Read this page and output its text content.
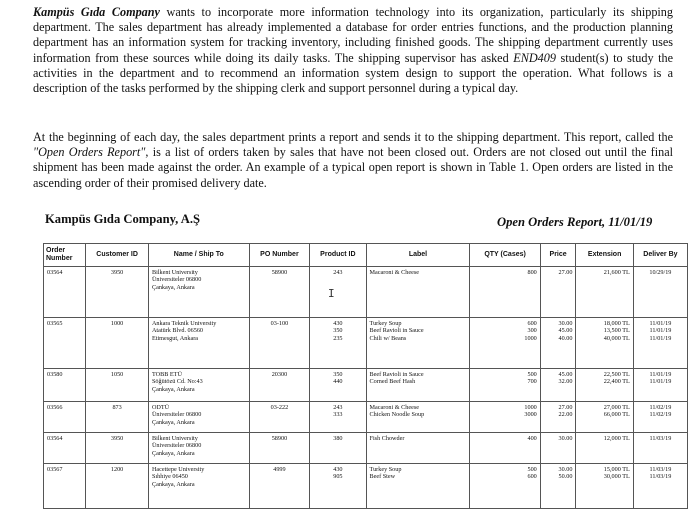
Kampüs Gıda Company wants to incorporate more information technology into its organization, particularly its shipping department. The sales department has already implemented a database for order entries functions, and the production planning department has an information system for tracking inventory, including finished goods. The shipping department currently uses information from these sources while doing its daily tasks. The shipping supervisor has asked END409 student(s) to study the activities in the department and to recommend an information system design to support the operation. What follows is a description of the tasks performed by the shipping clerk and support personnel during a typical day.
At the beginning of each day, the sales department prints a report and sends it to the shipping department. This report, called the "Open Orders Report", is a list of orders taken by sales that have not been closed out. Orders are not closed out until the final shipment has been made against the order. An example of a typical open report is shown in Table 1. Open orders are listed in the ascending order of their promised delivery date.
Kampüs Gıda Company, A.Ş	Open Orders Report, 11/01/19
Order Number	Customer ID	Name / Ship To	PO Number	Product ID	Label	QTY (Cases)	Price	Extension	Deliver By
03564	3950	Bilkent University
Üniversiteler 06800
Çankaya, Ankara	58900	243	Macaroni & Cheese	800	27.00	21,600 TL	10/29/19

03565	1000	Ankara Teknik University
Atatürk Blvd. 06560
Etimesgut, Ankara	03-100	430
350
235	Turkey Soup
Beef Ravioli in Sauce
Chili w/ Beans	600
300
1000	30.00
45.00
40.00	18,000 TL
13,500 TL
40,000 TL	11/01/19
11/01/19
11/01/19

03580	1050	TOBB ETÜ
Söğütözü Cd. No:43
Çankaya, Ankara	20300	350
440	Beef Ravioli in Sauce
Corned Beef Hash	500
700	45.00
32.00	22,500 TL
22,400 TL	11/01/19
11/01/19

03566	873	ODTÜ
Üniversiteler 06800
Çankaya, Ankara	03-222	243
333	Macaroni & Cheese
Chicken Noodle Soup	1000
3000	27.00
22.00	27,000 TL
66,000 TL	11/02/19
11/02/19

03564	3950	Bilkent University
Üniversiteler 06800
Çankaya, Ankara	58900	380	Fish Chowder	400	30.00	12,000 TL	11/03/19

03567	1200	Hacettepe University
Sıhhiye 06450
Çankaya, Ankara	4999	430
905	Turkey Soup
Beef Stew	500
600	30.00
50.00	15,000 TL
30,000 TL	11/03/19
11/03/19
I
